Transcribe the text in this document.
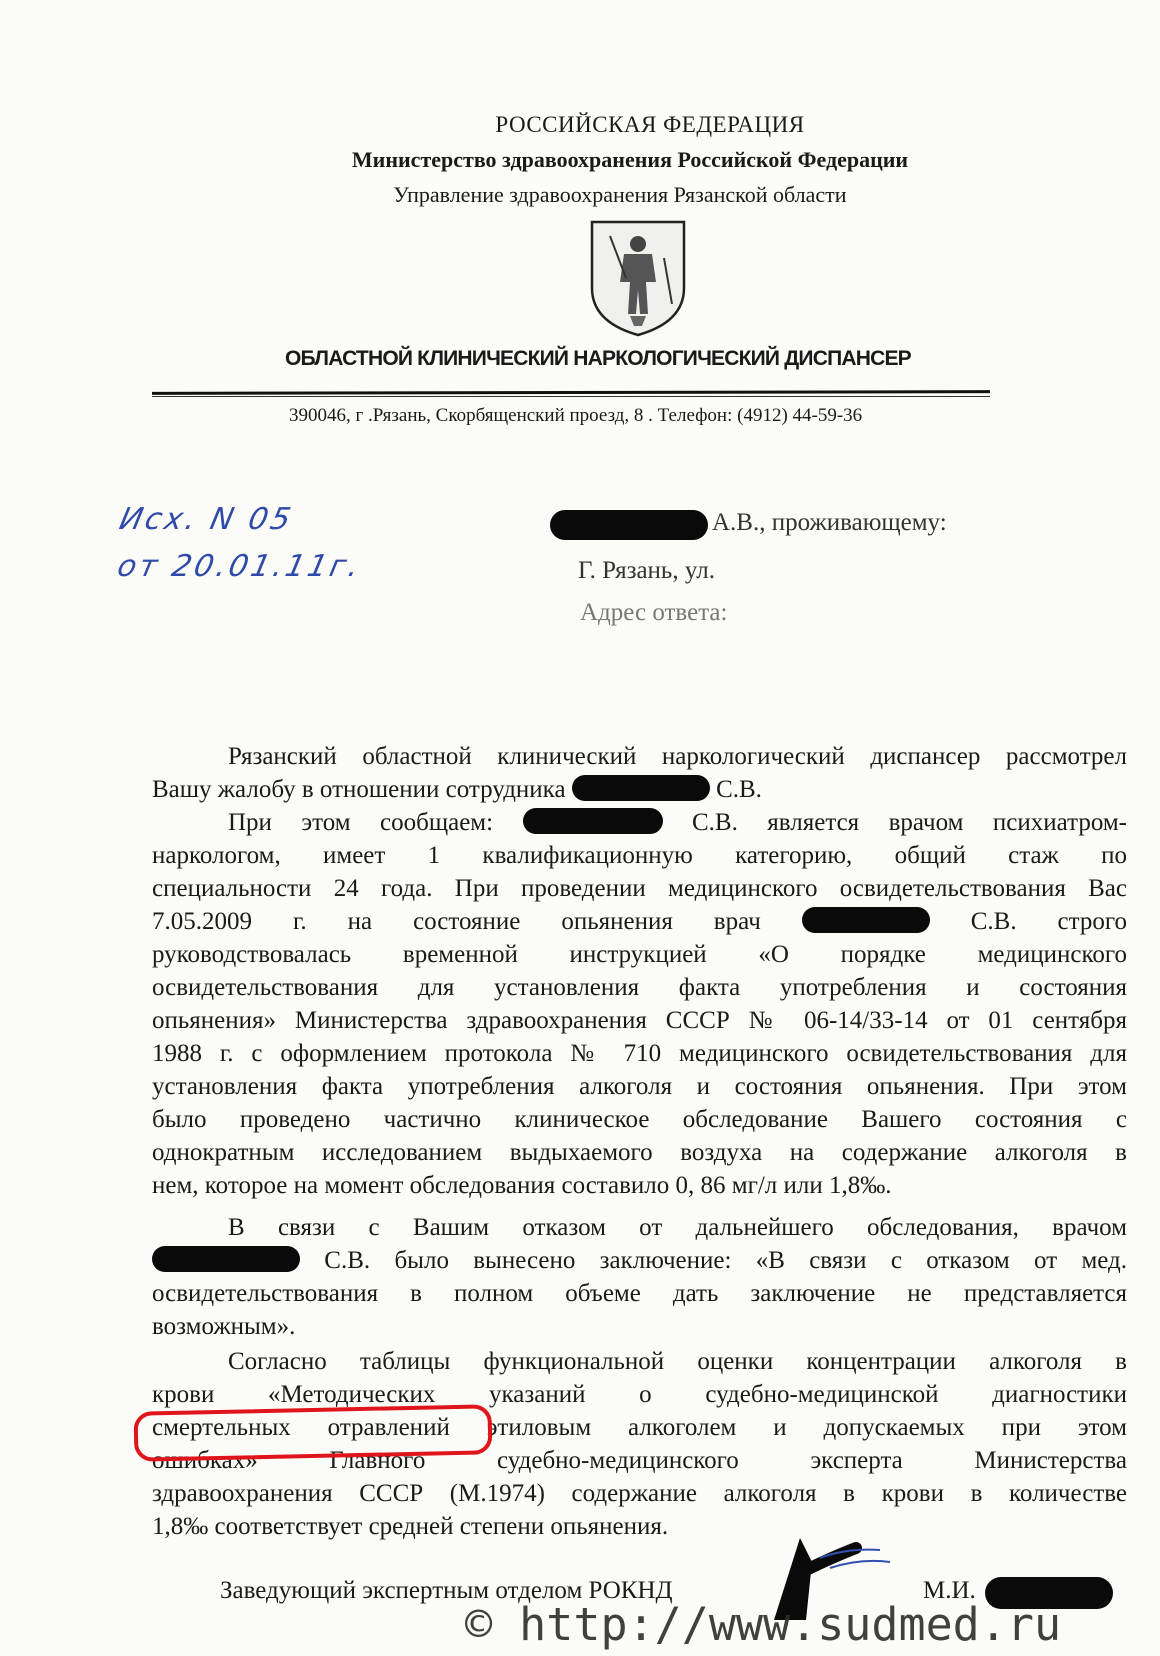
РОССИЙСКАЯ ФЕДЕРАЦИЯ
Министерство здравоохранения Российской Федерации
Управление здравоохранения Рязанской области
ОБЛАСТНОЙ КЛИНИЧЕСКИЙ НАРКОЛОГИЧЕСКИЙ ДИСПАНСЕР
390046, г .Рязань, Скорбященский проезд, 8 . Телефон: (4912) 44-59-36
Исх. N 05
от 20.01.11г.
А.В., проживающему:
Г. Рязань, ул.
Адрес ответа:
Рязанский областной клинический наркологический диспансер рассмотрел
Вашу жалобу в отношении сотрудника	С.В.
При этом сообщаем:	С.В. является врачом психиатром-
наркологом, имеет 1 квалификационную категорию, общий стаж по
специальности 24 года. При проведении медицинского освидетельствования Вас
7.05.2009 г. на состояние опьянения врач	С.В. строго
руководствовалась временной инструкцией «О порядке медицинского
освидетельствования для установления факта употребления и состояния
опьянения» Министерства здравоохранения СССР № 06-14/33-14 от 01 сентября
1988 г. с оформлением протокола № 710 медицинского освидетельствования для
установления факта употребления алкоголя и состояния опьянения. При этом
было проведено частично клиническое обследование Вашего состояния с
однократным исследованием выдыхаемого воздуха на содержание алкоголя в
нем, которое на момент обследования составило 0, 86 мг/л или 1,8‰.
В связи с Вашим отказом от дальнейшего обследования, врачом
С.В. было вынесено заключение: «В связи с отказом от мед.
освидетельствования в полном объеме дать заключение не представляется
возможным».
Согласно таблицы функциональной оценки концентрации алкоголя в
крови «Методических указаний о судебно-медицинской диагностики
смертельных отравлений этиловым алкоголем и допускаемых при этом
ошибках» Главного судебно-медицинского эксперта Министерства
здравоохранения СССР (М.1974) содержание алкоголя в крови в количестве
1,8‰ соответствует средней степени опьянения.
Заведующий экспертным отделом РОКНД	М.И.
© http://www.sudmed.ru
